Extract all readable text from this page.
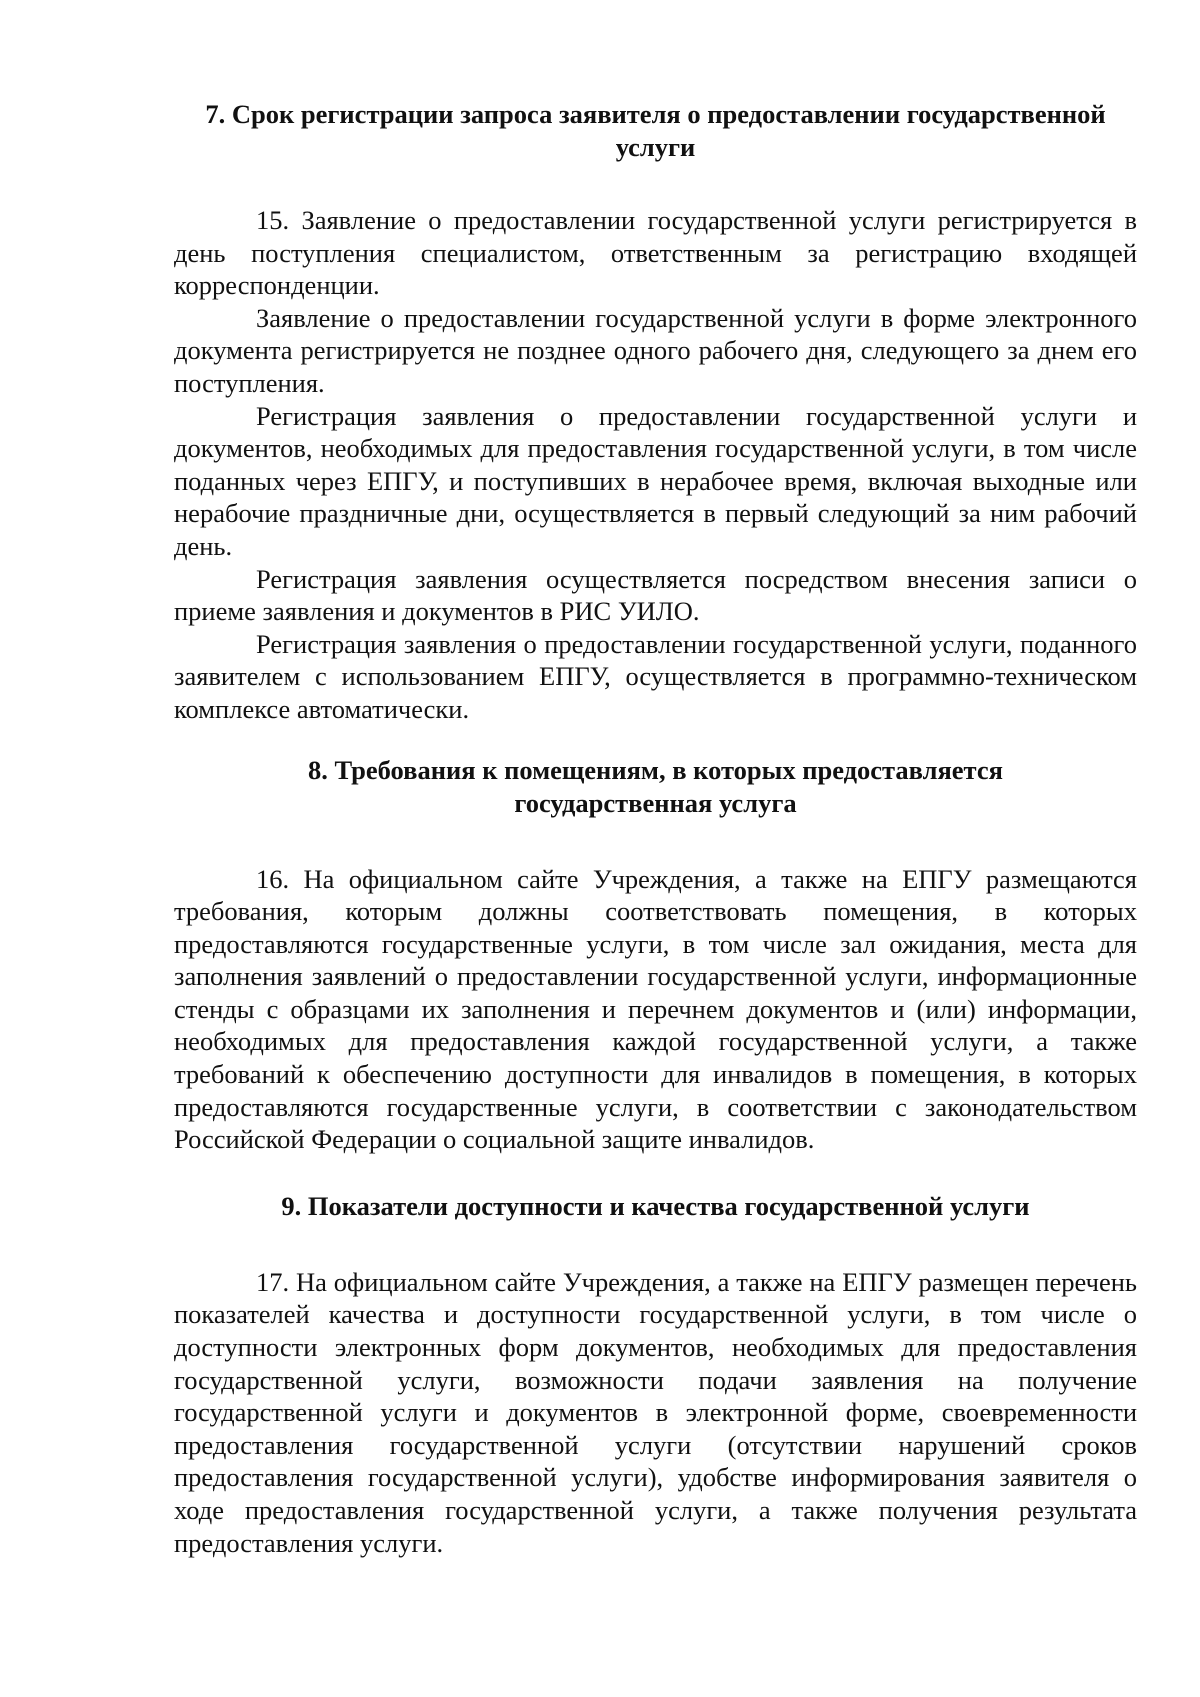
7. Срок регистрации запроса заявителя о предоставлении государственной
услуги

15. Заявление о предоставлении государственной услуги регистрируется в день поступления специалистом, ответственным за регистрацию входящей корреспонденции.

Заявление о предоставлении государственной услуги в форме электронного документа регистрируется не позднее одного рабочего дня, следующего за днем его поступления.

Регистрация заявления о предоставлении государственной услуги и документов, необходимых для предоставления государственной услуги, в том числе поданных через ЕПГУ, и поступивших в нерабочее время, включая выходные или нерабочие праздничные дни, осуществляется в первый следующий за ним рабочий день.

Регистрация заявления осуществляется посредством внесения записи о приеме заявления и документов в РИС УИЛО.

Регистрация заявления о предоставлении государственной услуги, поданного заявителем с использованием ЕПГУ, осуществляется в программно-техническом комплексе автоматически.

8. Требования к помещениям, в которых предоставляется
государственная услуга

16. На официальном сайте Учреждения, а также на ЕПГУ размещаются требования, которым должны соответствовать помещения, в которых предоставляются государственные услуги, в том числе зал ожидания, места для заполнения заявлений о предоставлении государственной услуги, информационные стенды с образцами их заполнения и перечнем документов и (или) информации, необходимых для предоставления каждой государственной услуги, а также требований к обеспечению доступности для инвалидов в помещения, в которых предоставляются государственные услуги, в соответствии с законодательством Российской Федерации о социальной защите инвалидов.

9. Показатели доступности и качества государственной услуги

17. На официальном сайте Учреждения, а также на ЕПГУ размещен перечень показателей качества и доступности государственной услуги, в том числе о доступности электронных форм документов, необходимых для предоставления государственной услуги, возможности подачи заявления на получение государственной услуги и документов в электронной форме, своевременности предоставления государственной услуги (отсутствии нарушений сроков предоставления государственной услуги), удобстве информирования заявителя о ходе предоставления государственной услуги, а также получения результата предоставления услуги.
